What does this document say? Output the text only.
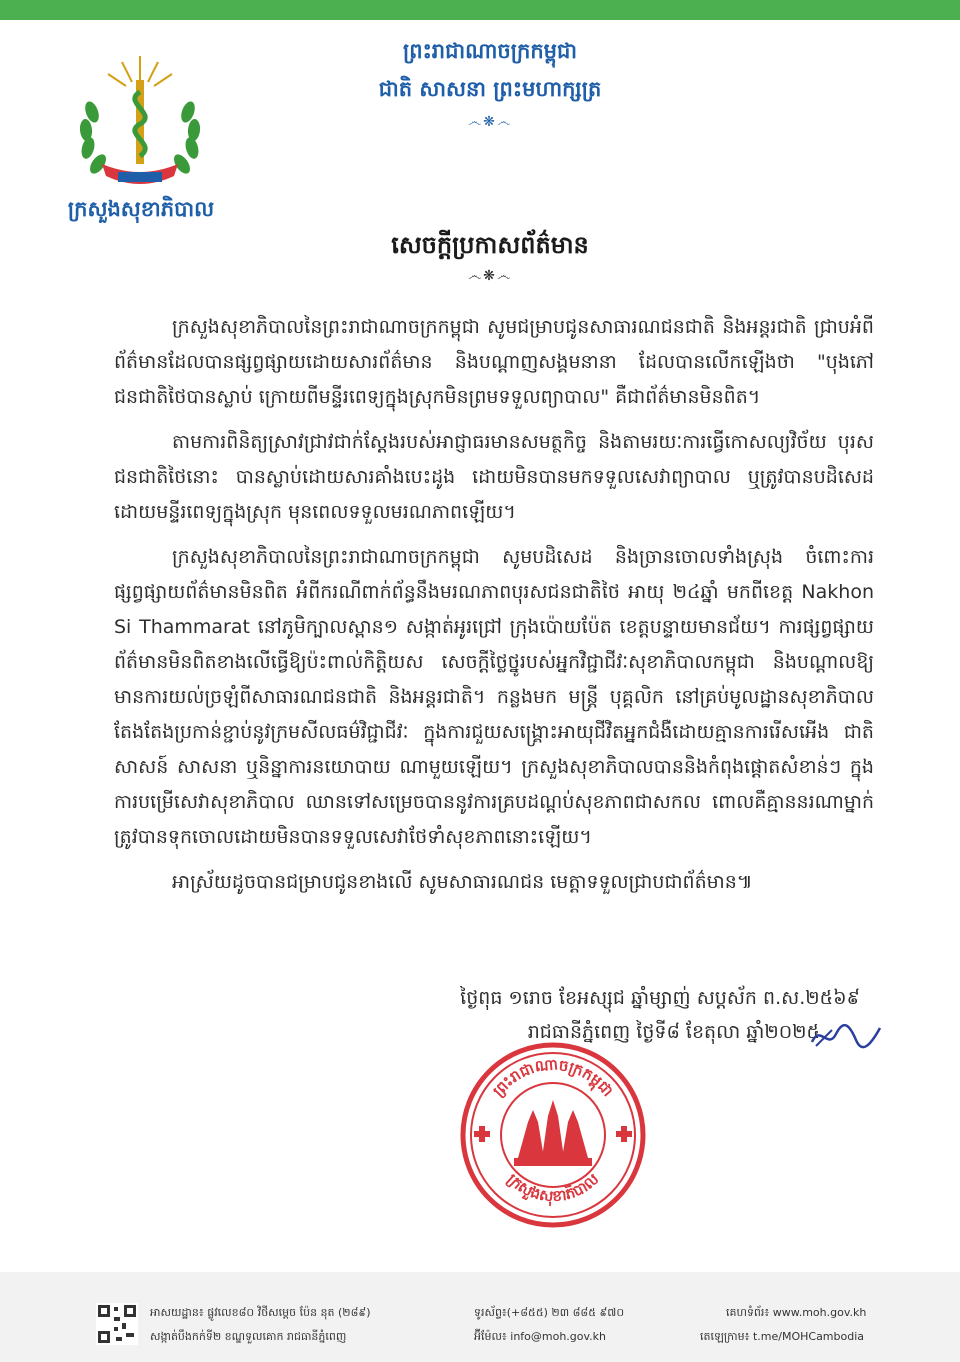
ក្រសួងសុខាភិបាល
ព្រះរាជាណាចក្រកម្ពុជា
ជាតិ សាសនា ព្រះមហាក្សត្រ
෴❋෴
សេចក្តីប្រកាសព័ត៌មាន
෴❋෴

ក្រសួងសុខាភិបាលនៃព្រះរាជាណាចក្រកម្ពុជា សូមជម្រាបជូនសាធារណជនជាតិ និងអន្តរជាតិ ជ្រាបអំពីព័ត៌មានដែលបានផ្សព្វផ្សាយដោយសារព័ត៌មាន និងបណ្តាញសង្គមនានា ដែលបានលើកឡើងថា "បុងភៅជនជាតិថៃបានស្លាប់ ក្រោយពីមន្ទីរពេទ្យក្នុងស្រុកមិនព្រមទទួលព្យាបាល" គឺជាព័ត៌មានមិនពិត។

តាមការពិនិត្យស្រាវជ្រាវជាក់ស្តែងរបស់អាជ្ញាធរមានសមត្ថកិច្ច និងតាមរយៈការធ្វើកោសល្យវិច័យ បុរសជនជាតិថៃនោះ បានស្លាប់ដោយសារគាំងបេះដូង ដោយមិនបានមកទទួលសេវាព្យាបាល ឬត្រូវបានបដិសេដដោយមន្ទីរពេទ្យក្នុងស្រុក មុនពេលទទួលមរណភាពឡើយ។

ក្រសួងសុខាភិបាលនៃព្រះរាជាណាចក្រកម្ពុជា សូមបដិសេដ និងច្រានចោលទាំងស្រុង ចំពោះការផ្សព្វផ្សាយព័ត៌មានមិនពិត អំពីករណីពាក់ព័ន្ធនឹងមរណភាពបុរសជនជាតិថៃ អាយុ ២៤ឆ្នាំ មកពីខេត្ត Nakhon Si Thammarat នៅភូមិក្បាលស្ពាន១ សង្កាត់អូរជ្រៅ ក្រុងប៉ោយប៉ែត ខេត្តបន្ទាយមានជ័យ។ ការផ្សព្វផ្សាយព័ត៌មានមិនពិតខាងលើធ្វើឱ្យប៉ះពាល់កិត្តិយស សេចក្តីថ្លៃថ្នូរបស់អ្នកវិជ្ជាជីវៈសុខាភិបាលកម្ពុជា និងបណ្តាលឱ្យមានការយល់ច្រឡំពីសាធារណជនជាតិ និងអន្តរជាតិ។ កន្លងមក មន្ត្រី បុគ្គលិក នៅគ្រប់មូលដ្ឋានសុខាភិបាល តែងតែងប្រកាន់ខ្ជាប់នូវក្រមសីលធម៌វិជ្ជាជីវៈ ក្នុងការជួយសង្គ្រោះអាយុជីវិតអ្នកជំងឺដោយគ្មានការរើសអើង ជាតិសាសន៍ សាសនា ឬនិន្នាការនយោបាយ ណាមួយឡើយ។ ក្រសួងសុខាភិបាលបាននិងកំពុងផ្តោតសំខាន់ៗ ក្នុងការបម្រើសេវាសុខាភិបាល ឈានទៅសម្រេចបាននូវការគ្របដណ្តប់សុខភាពជាសកល ពោលគឺគ្មាននរណាម្នាក់ត្រូវបានទុកចោលដោយមិនបានទទួលសេវាថែទាំសុខភាពនោះឡើយ។

អាស្រ័យដូចបានជម្រាបជូនខាងលើ សូមសាធារណជន មេត្តាទទួលជ្រាបជាព័ត៌មាន៕

ថ្ងៃពុធ ១រោច ខែអស្សុជ ឆ្នាំម្សាញ់ សប្តស័ក ព.ស.២៥៦៩
រាជធានីភ្នំពេញ ថ្ងៃទី៨ ខែតុលា ឆ្នាំ២០២៥
ព្រះរាជាណាចក្រកម្ពុជា
ក្រសួងសុខាភិបាល
អាសយដ្ឋាន៖ ផ្លូវលេខ៨០ វិថីសម្តេច ប៉ែន នុត (២៨៩)
សង្កាត់បឹងកក់ទី២ ខណ្ឌទួលគោក រាជធានីភ្នំពេញ
ទូរស័ព្ទ៖(+៨៥៥) ២៣ ៨៨៥ ៩៧០
អ៊ីម៉ែល៖ info@moh.gov.kh
គេហទំព័រ៖ www.moh.gov.kh
តេឡេក្រាម៖ t.me/MOHCambodia
